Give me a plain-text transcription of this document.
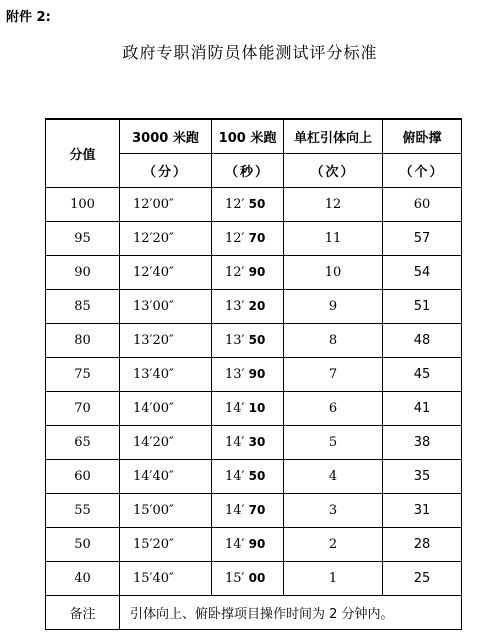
附件 2:
政府专职消防员体能测试评分标准
分值	3000 米跑	100 米跑	单杠引体向上	俯卧撑
	（分）	（秒）	（次）	（个）
100	12′00″	12′ 50	12	60
95	12′20″	12′ 70	11	57
90	12′40″	12′ 90	10	54
85	13′00″	13′ 20	9	51
80	13′20″	13′ 50	8	48
75	13′40″	13′ 90	7	45
70	14′00″	14′ 10	6	41
65	14′20″	14′ 30	5	38
60	14′40″	14′ 50	4	35
55	15′00″	14′ 70	3	31
50	15′20″	14′ 90	2	28
40	15′40″	15′ 00	1	25
备注	引体向上、俯卧撑项目操作时间为 2 分钟内。			
